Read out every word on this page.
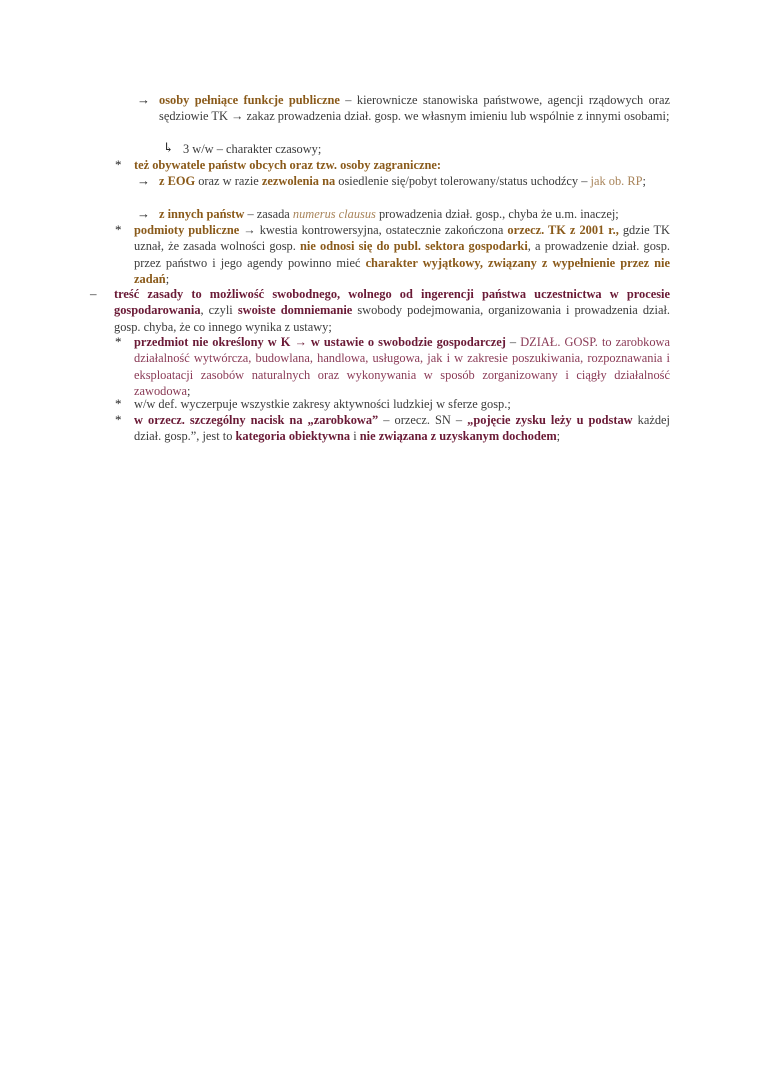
→ osoby pełniące funkcje publiczne – kierownicze stanowiska państwowe, agencji rządowych oraz sędziowie TK → zakaz prowadzenia dział. gosp. we własnym imieniu lub wspólnie z innymi osobami;
↳ 3 w/w – charakter czasowy;
* też obywatele państw obcych oraz tzw. osoby zagraniczne:
→ z EOG oraz w razie zezwolenia na osiedlenie się/pobyt tolerowany/status uchodźcy – jak ob. RP;
→ z innych państw – zasada numerus clausus prowadzenia dział. gosp., chyba że u.m. inaczej;
* podmioty publiczne → kwestia kontrowersyjna, ostatecznie zakończona orzecz. TK z 2001 r., gdzie TK uznał, że zasada wolności gosp. nie odnosi się do publ. sektora gospodarki, a prowadzenie dział. gosp. przez państwo i jego agendy powinno mieć charakter wyjątkowy, związany z wypełnienie przez nie zadań;
– treść zasady to możliwość swobodnego, wolnego od ingerencji państwa uczestnictwa w procesie gospodarowania, czyli swoiste domniemanie swobody podejmowania, organizowania i prowadzenia dział. gosp. chyba, że co innego wynika z ustawy;
* przedmiot nie określony w K → w ustawie o swobodzie gospodarczej – DZIAŁ. GOSP. to zarobkowa działalność wytwórcza, budowlana, handlowa, usługowa, jak i w zakresie poszukiwania, rozpoznawania i eksploatacji zasobów naturalnych oraz wykonywania w sposób zorganizowany i ciągły działalność zawodowa;
* w/w def. wyczerpuje wszystkie zakresy aktywności ludzkiej w sferze gosp.;
* w orzecz. szczególny nacisk na „zarobkowa” – orzecz. SN – „pojęcie zysku leży u podstaw każdej dział. gosp.”, jest to kategoria obiektywna i nie związana z uzyskanym dochodem;
